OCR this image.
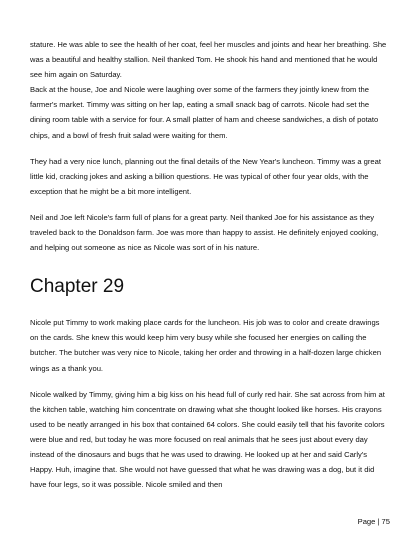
stature. He was able to see the health of her coat, feel her muscles and joints and hear her breathing. She was a beautiful and healthy stallion. Neil thanked Tom. He shook his hand and mentioned that he would see him again on Saturday.

Back at the house, Joe and Nicole were laughing over some of the farmers they jointly knew from the farmer's market. Timmy was sitting on her lap, eating a small snack bag of carrots. Nicole had set the dining room table with a service for four. A small platter of ham and cheese sandwiches, a dish of potato chips, and a bowl of fresh fruit salad were waiting for them.

They had a very nice lunch, planning out the final details of the New Year's luncheon. Timmy was a great little kid, cracking jokes and asking a billion questions. He was typical of other four year olds, with the exception that he might be a bit more intelligent.

Neil and Joe left Nicole's farm full of plans for a great party. Neil thanked Joe for his assistance as they traveled back to the Donaldson farm. Joe was more than happy to assist. He definitely enjoyed cooking, and helping out someone as nice as Nicole was sort of in his nature.

Chapter 29

Nicole put Timmy to work making place cards for the luncheon. His job was to color and create drawings on the cards. She knew this would keep him very busy while she focused her energies on calling the butcher. The butcher was very nice to Nicole, taking her order and throwing in a half-dozen large chicken wings as a thank you.

Nicole walked by Timmy, giving him a big kiss on his head full of curly red hair. She sat across from him at the kitchen table, watching him concentrate on drawing what she thought looked like horses. His crayons used to be neatly arranged in his box that contained 64 colors. She could easily tell that his favorite colors were blue and red, but today he was more focused on real animals that he sees just about every day instead of the dinosaurs and bugs that he was used to drawing. He looked up at her and said Carly's Happy. Huh, imagine that. She would not have guessed that what he was drawing was a dog, but it did have four legs, so it was possible. Nicole smiled and then

Page | 75
